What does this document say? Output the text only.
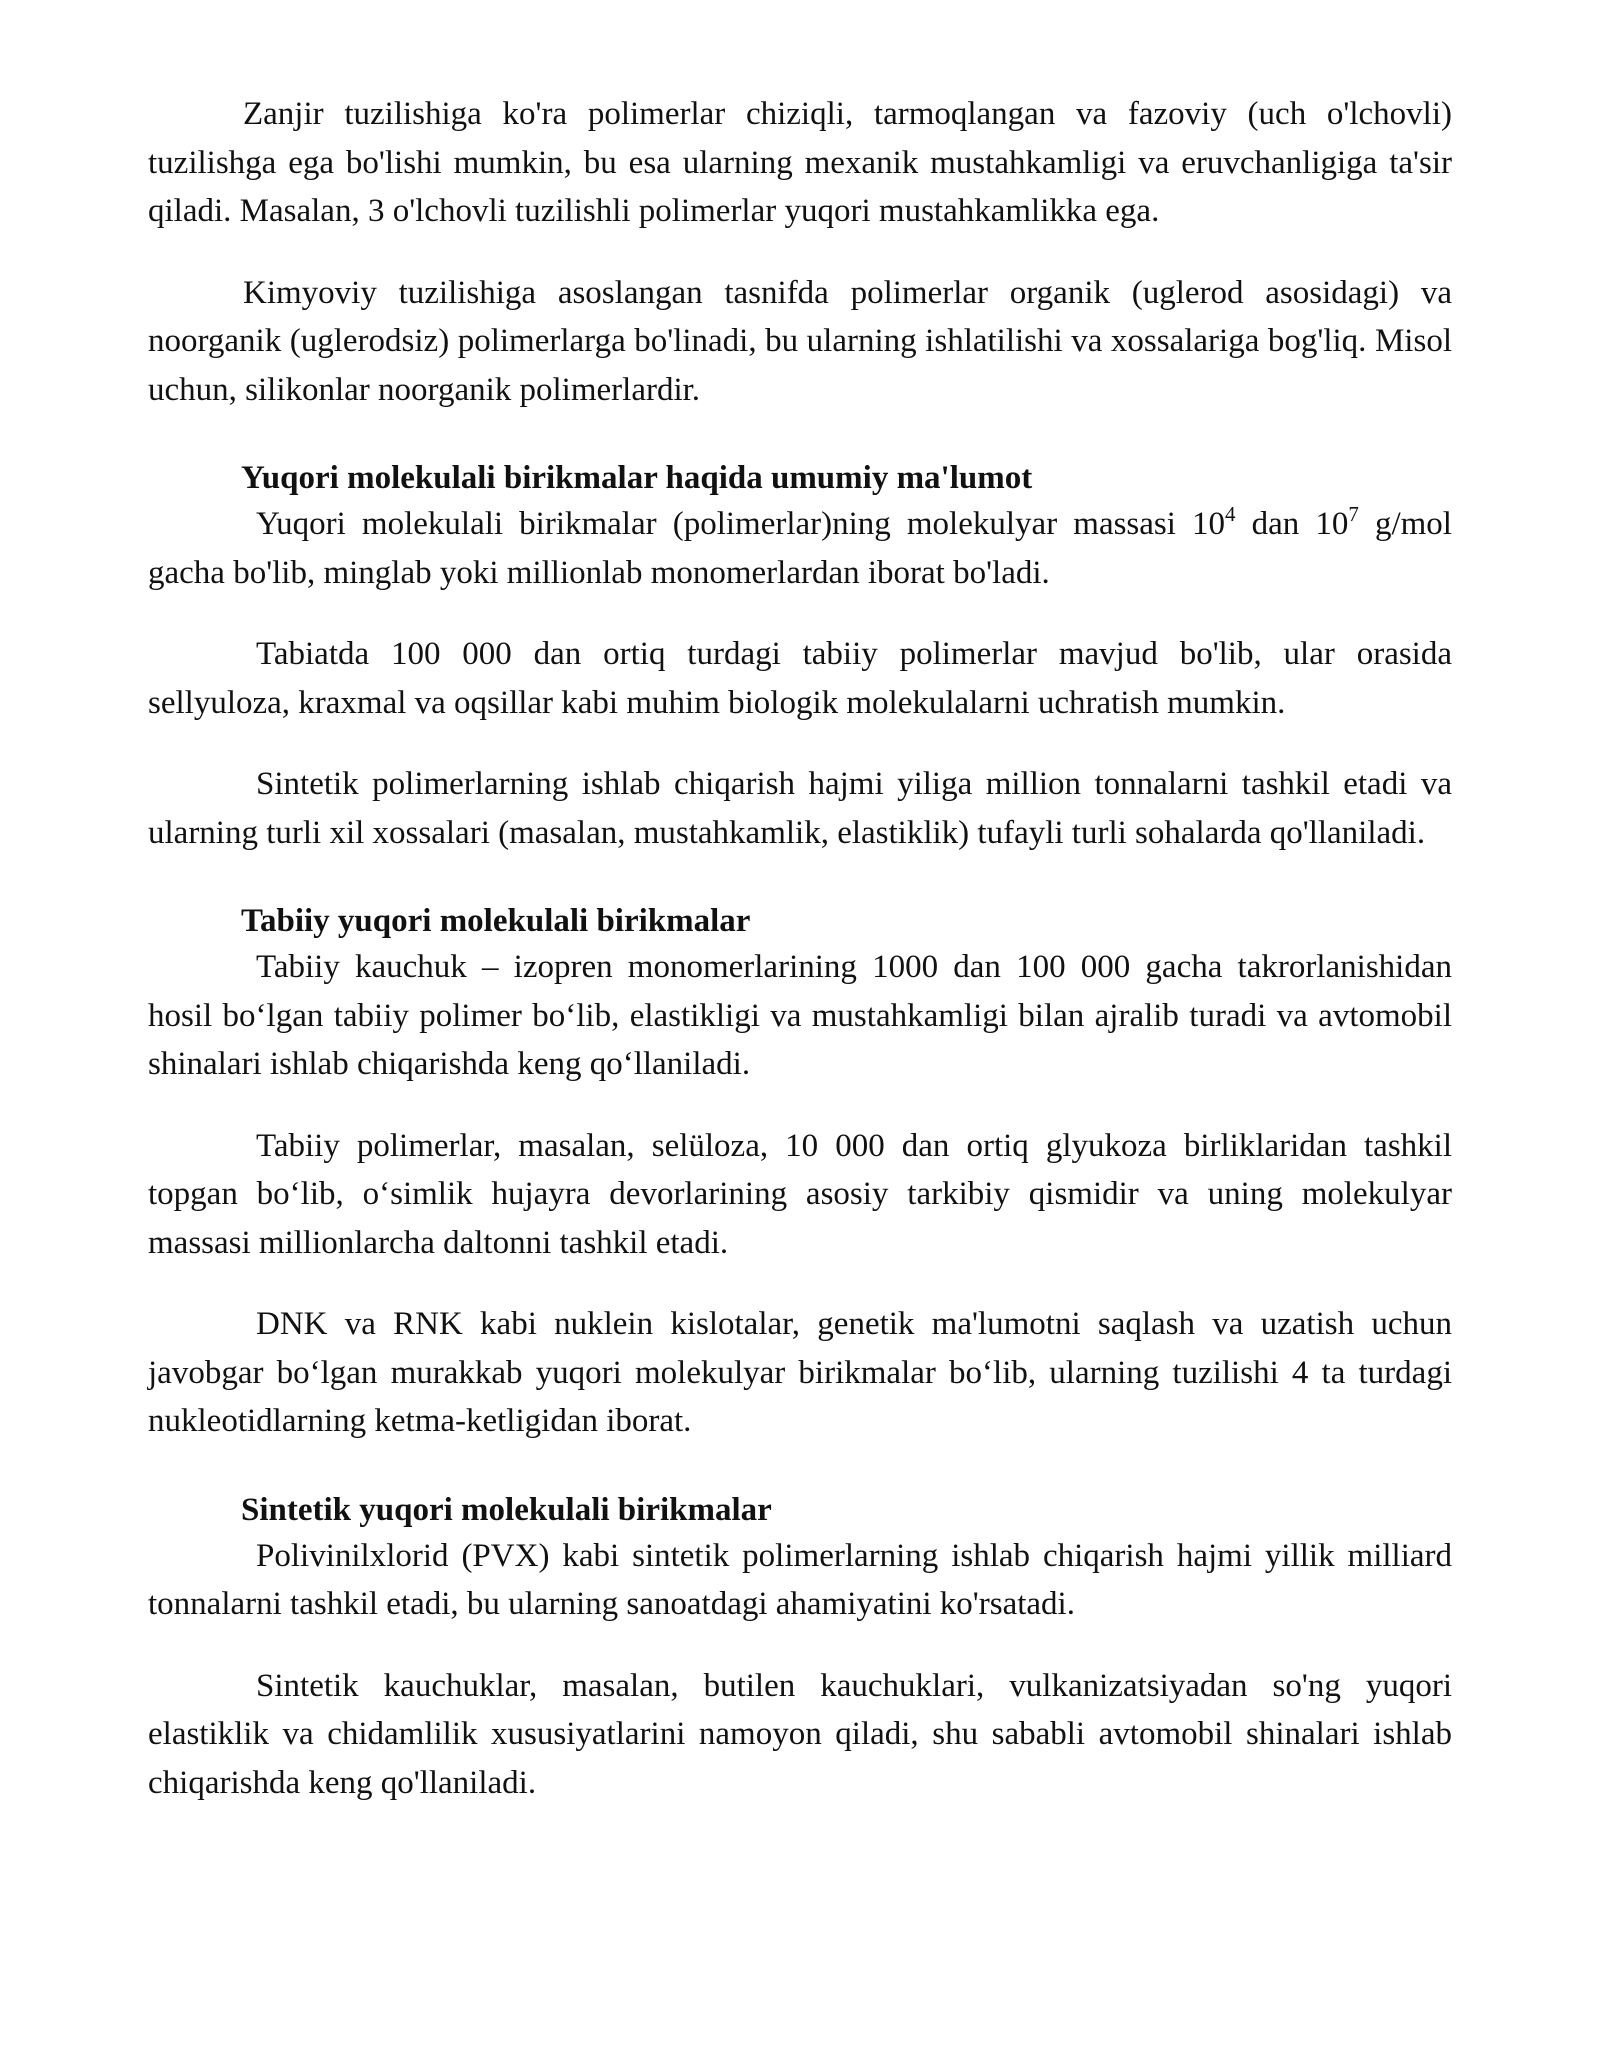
Zanjir tuzilishiga ko'ra polimerlar chiziqli, tarmoqlangan va fazoviy (uch o'lchovli) tuzilishga ega bo'lishi mumkin, bu esa ularning mexanik mustahkamligi va eruvchanligiga ta'sir qiladi. Masalan, 3 o'lchovli tuzilishli polimerlar yuqori mustahkamlikka ega.

Kimyoviy tuzilishiga asoslangan tasnifda polimerlar organik (uglerod asosidagi) va noorganik (uglerodsiz) polimerlarga bo'linadi, bu ularning ishlatilishi va xossalariga bog'liq. Misol uchun, silikonlar noorganik polimerlardir.

Yuqori molekulali birikmalar haqida umumiy ma'lumot

Yuqori molekulali birikmalar (polimerlar)ning molekulyar massasi $10^4$ dan $10^7$ g/mol gacha bo'lib, minglab yoki millionlab monomerlardan iborat bo'ladi.

Tabiatda 100 000 dan ortiq turdagi tabiiy polimerlar mavjud bo'lib, ular orasida sellyuloza, kraxmal va oqsillar kabi muhim biologik molekulalarni uchratish mumkin.

Sintetik polimerlarning ishlab chiqarish hajmi yiliga million tonnalarni tashkil etadi va ularning turli xil xossalari (masalan, mustahkamlik, elastiklik) tufayli turli sohalarda qo'llaniladi.

Tabiiy yuqori molekulali birikmalar

Tabiiy kauchuk – izopren monomerlarining 1000 dan 100 000 gacha takrorlanishidan hosil boʻlgan tabiiy polimer boʻlib, elastikligi va mustahkamligi bilan ajralib turadi va avtomobil shinalari ishlab chiqarishda keng qoʻllaniladi.

Tabiiy polimerlar, masalan, selüloza, 10 000 dan ortiq glyukoza birliklaridan tashkil topgan boʻlib, oʻsimlik hujayra devorlarining asosiy tarkibiy qismidir va uning molekulyar massasi millionlarcha daltonni tashkil etadi.

DNK va RNK kabi nuklein kislotalar, genetik ma'lumotni saqlash va uzatish uchun javobgar boʻlgan murakkab yuqori molekulyar birikmalar boʻlib, ularning tuzilishi 4 ta turdagi nukleotidlarning ketma-ketligidan iborat.

Sintetik yuqori molekulali birikmalar

Polivinilxlorid (PVX) kabi sintetik polimerlarning ishlab chiqarish hajmi yillik milliard tonnalarni tashkil etadi, bu ularning sanoatdagi ahamiyatini ko'rsatadi.

Sintetik kauchuklar, masalan, butilen kauchuklari, vulkanizatsiyadan so'ng yuqori elastiklik va chidamlilik xususiyatlarini namoyon qiladi, shu sababli avtomobil shinalari ishlab chiqarishda keng qo'llaniladi.
